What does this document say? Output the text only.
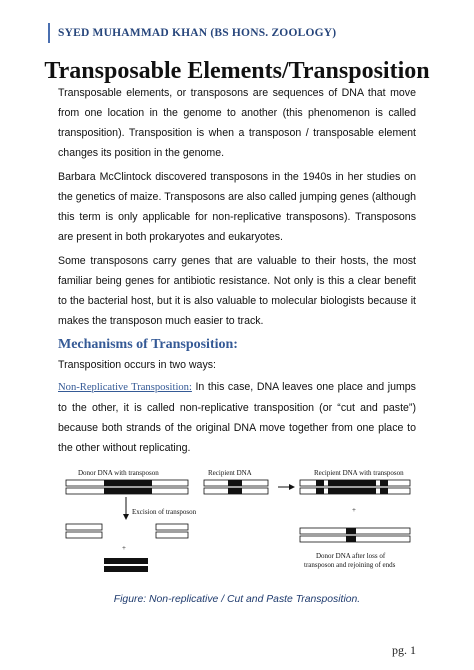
SYED MUHAMMAD KHAN (BS HONS. ZOOLOGY)
Transposable Elements/Transposition

Transposable elements, or transposons are sequences of DNA that move from one location in the genome to another (this phenomenon is called transposition). Transposition is when a transposon / transposable element changes its position in the genome.

Barbara McClintock discovered transposons in the 1940s in her studies on the genetics of maize. Transposons are also called jumping genes (although this term is only applicable for non-replicative transposons). Transposons are present in both prokaryotes and eukaryotes.

Some transposons carry genes that are valuable to their hosts, the most familiar being genes for antibiotic resistance. Not only is this a clear benefit to the bacterial host, but it is also valuable to molecular biologists because it makes the transposon much easier to track.

Mechanisms of Transposition:

Transposition occurs in two ways:

Non-Replicative Transposition: In this case, DNA leaves one place and jumps to the other, it is called non-replicative transposition (or “cut and paste”) because both strands of the original DNA move together from one place to the other without replicating.

Donor DNA with transposon	Recipient DNA	Recipient DNA with transposon
+
Excision of transposon
+
Donor DNA after loss of
transposon and rejoining of ends
Figure: Non-replicative / Cut and Paste Transposition.
pg. 1
